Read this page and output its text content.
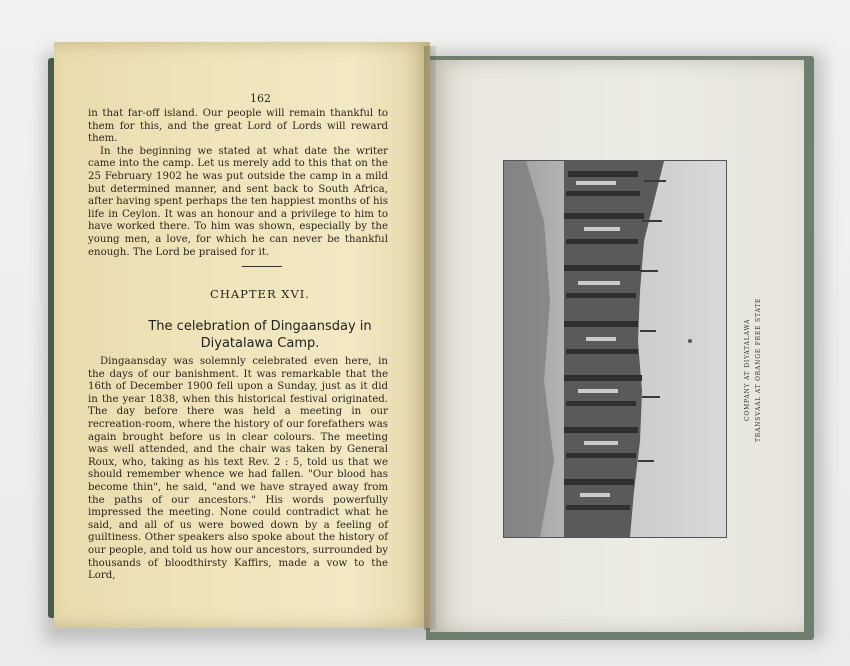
162

in that far-off island. Our people will remain thankful to them for this, and the great Lord of Lords will reward them.

In the beginning we stated at what date the writer came into the camp. Let us merely add to this that on the 25 February 1902 he was put outside the camp in a mild but determined manner, and sent back to South Africa, after having spent perhaps the ten happiest months of his life in Ceylon. It was an honour and a privilege to him to have worked there. To him was shown, especially by the young men, a love, for which he can never be thankful enough. The Lord be praised for it.

CHAPTER XVI.
The celebration of Dingaansday in Diyatalawa Camp.
Dingaansday was solemnly celebrated even here, in the days of our banishment. It was remarkable that the 16th of December 1900 fell upon a Sunday, just as it did in the year 1838, when this historical festival originated. The day before there was held a meeting in our recreation-room, where the history of our forefathers was again brought before us in clear colours. The meeting was well attended, and the chair was taken by General Roux, who, taking as his text Rev. 2 : 5, told us that we should remember whence we had fallen. "Our blood has become thin", he said, "and we have strayed away from the paths of our ancestors." His words powerfully impressed the meeting. None could contradict what he said, and all of us were bowed down by a feeling of guiltiness. Other speakers also spoke about the history of our people, and told us how our ancestors, surrounded by thousands of bloodthirsty Kaffirs, made a vow to the Lord,
COMPANY AT DIYATALAWA TRANSVAAL AT ORANGE FREE STATE
